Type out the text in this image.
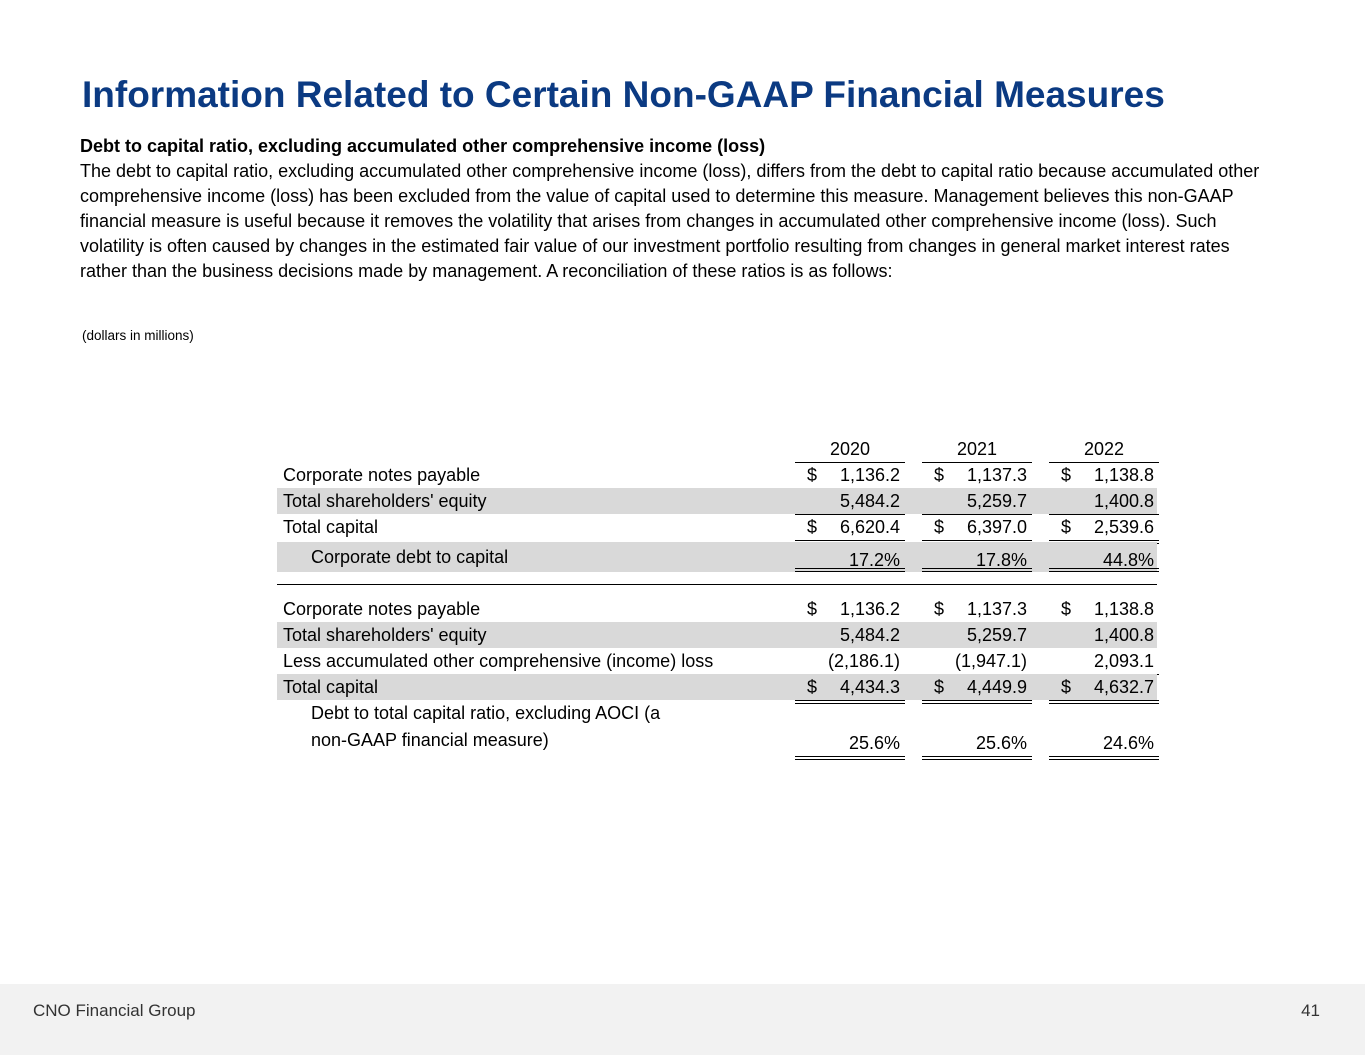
Information Related to Certain Non-GAAP Financial Measures
Debt to capital ratio, excluding accumulated other comprehensive income (loss)
The debt to capital ratio, excluding accumulated other comprehensive income (loss), differs from the debt to capital ratio because accumulated other comprehensive income (loss) has been excluded from the value of capital used to determine this measure. Management believes this non-GAAP financial measure is useful because it removes the volatility that arises from changes in accumulated other comprehensive income (loss). Such volatility is often caused by changes in the estimated fair value of our investment portfolio resulting from changes in general market interest rates rather than the business decisions made by management. A reconciliation of these ratios is as follows:
(dollars in millions)
2020	2021	2022
Corporate notes payable	$ 1,136.2 $ 1,137.3 $ 1,138.8
Total shareholders' equity	5,484.2	5,259.7	1,400.8
Total capital	$ 6,620.4 $ 6,397.0 $ 2,539.6
Corporate debt to capital	17.2%	17.8%	44.8%
Corporate notes payable	$ 1,136.2 $ 1,137.3 $ 1,138.8
Total shareholders' equity	5,484.2	5,259.7	1,400.8
Less accumulated other comprehensive (income) loss	(2,186.1)	(1,947.1)	2,093.1
Total capital	$ 4,434.3 $ 4,449.9 $ 4,632.7
Debt to total capital ratio, excluding AOCI (a
non-GAAP financial measure)	25.6%	25.6%	24.6%
CNO Financial Group	41
